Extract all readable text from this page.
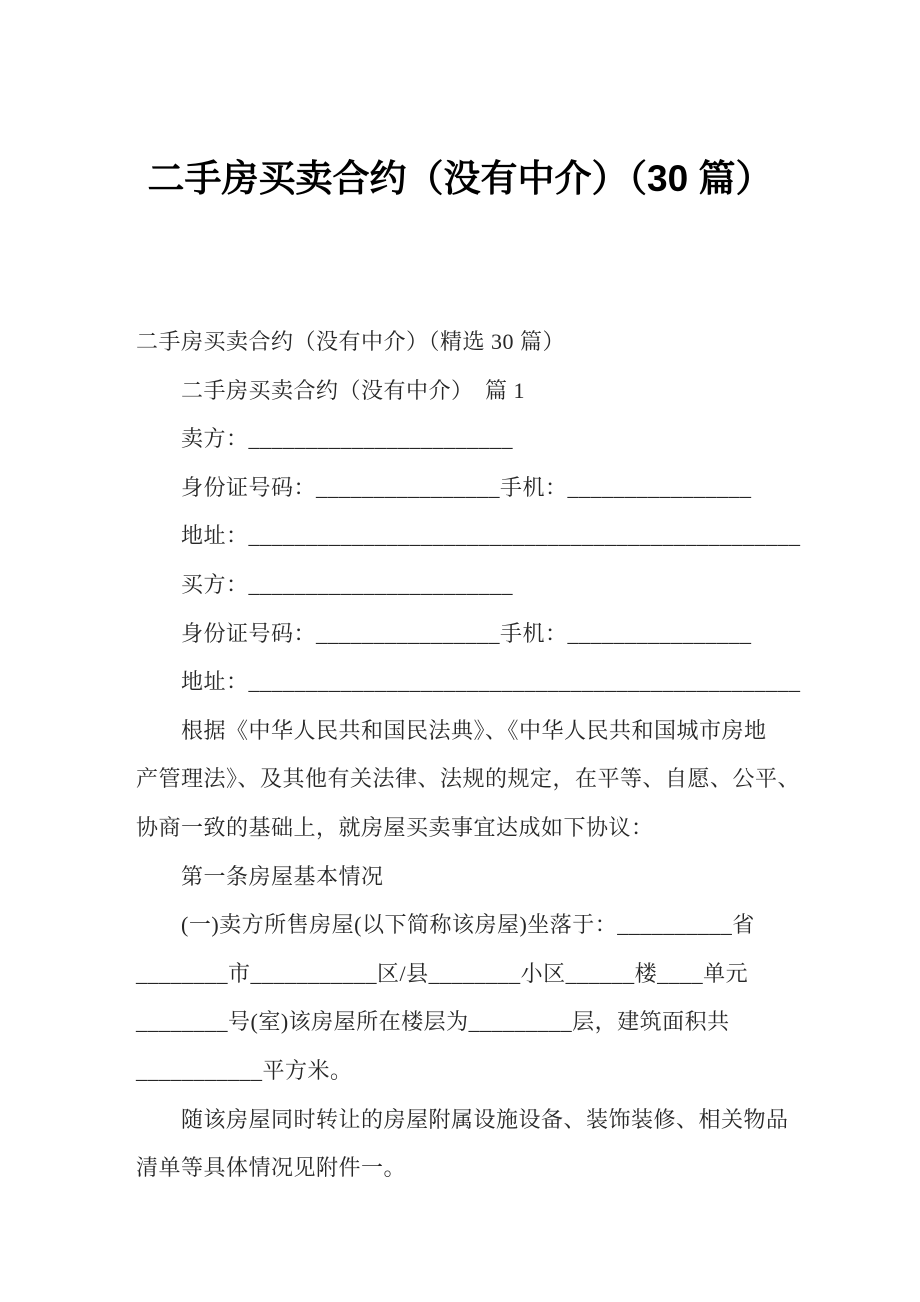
二手房买卖合约（没有中介）（30 篇）
二手房买卖合约（没有中介）（精选 30 篇）
　　二手房买卖合约（没有中介）　篇 1
　　卖方：_______________________
　　身份证号码：________________手机：________________
　　地址：________________________________________________
　　买方：_______________________
　　身份证号码：________________手机：________________
　　地址：________________________________________________
　　根据《中华人民共和国民法典》、《中华人民共和国城市房地
产管理法》、及其他有关法律、法规的规定，在平等、自愿、公平、
协商一致的基础上，就房屋买卖事宜达成如下协议：
　　第一条房屋基本情况
　　(一)卖方所售房屋(以下简称该房屋)坐落于：__________省
________市___________区/县________小区______楼____单元
________号(室)该房屋所在楼层为_________层，建筑面积共
___________平方米。
　　随该房屋同时转让的房屋附属设施设备、装饰装修、相关物品
清单等具体情况见附件一。
